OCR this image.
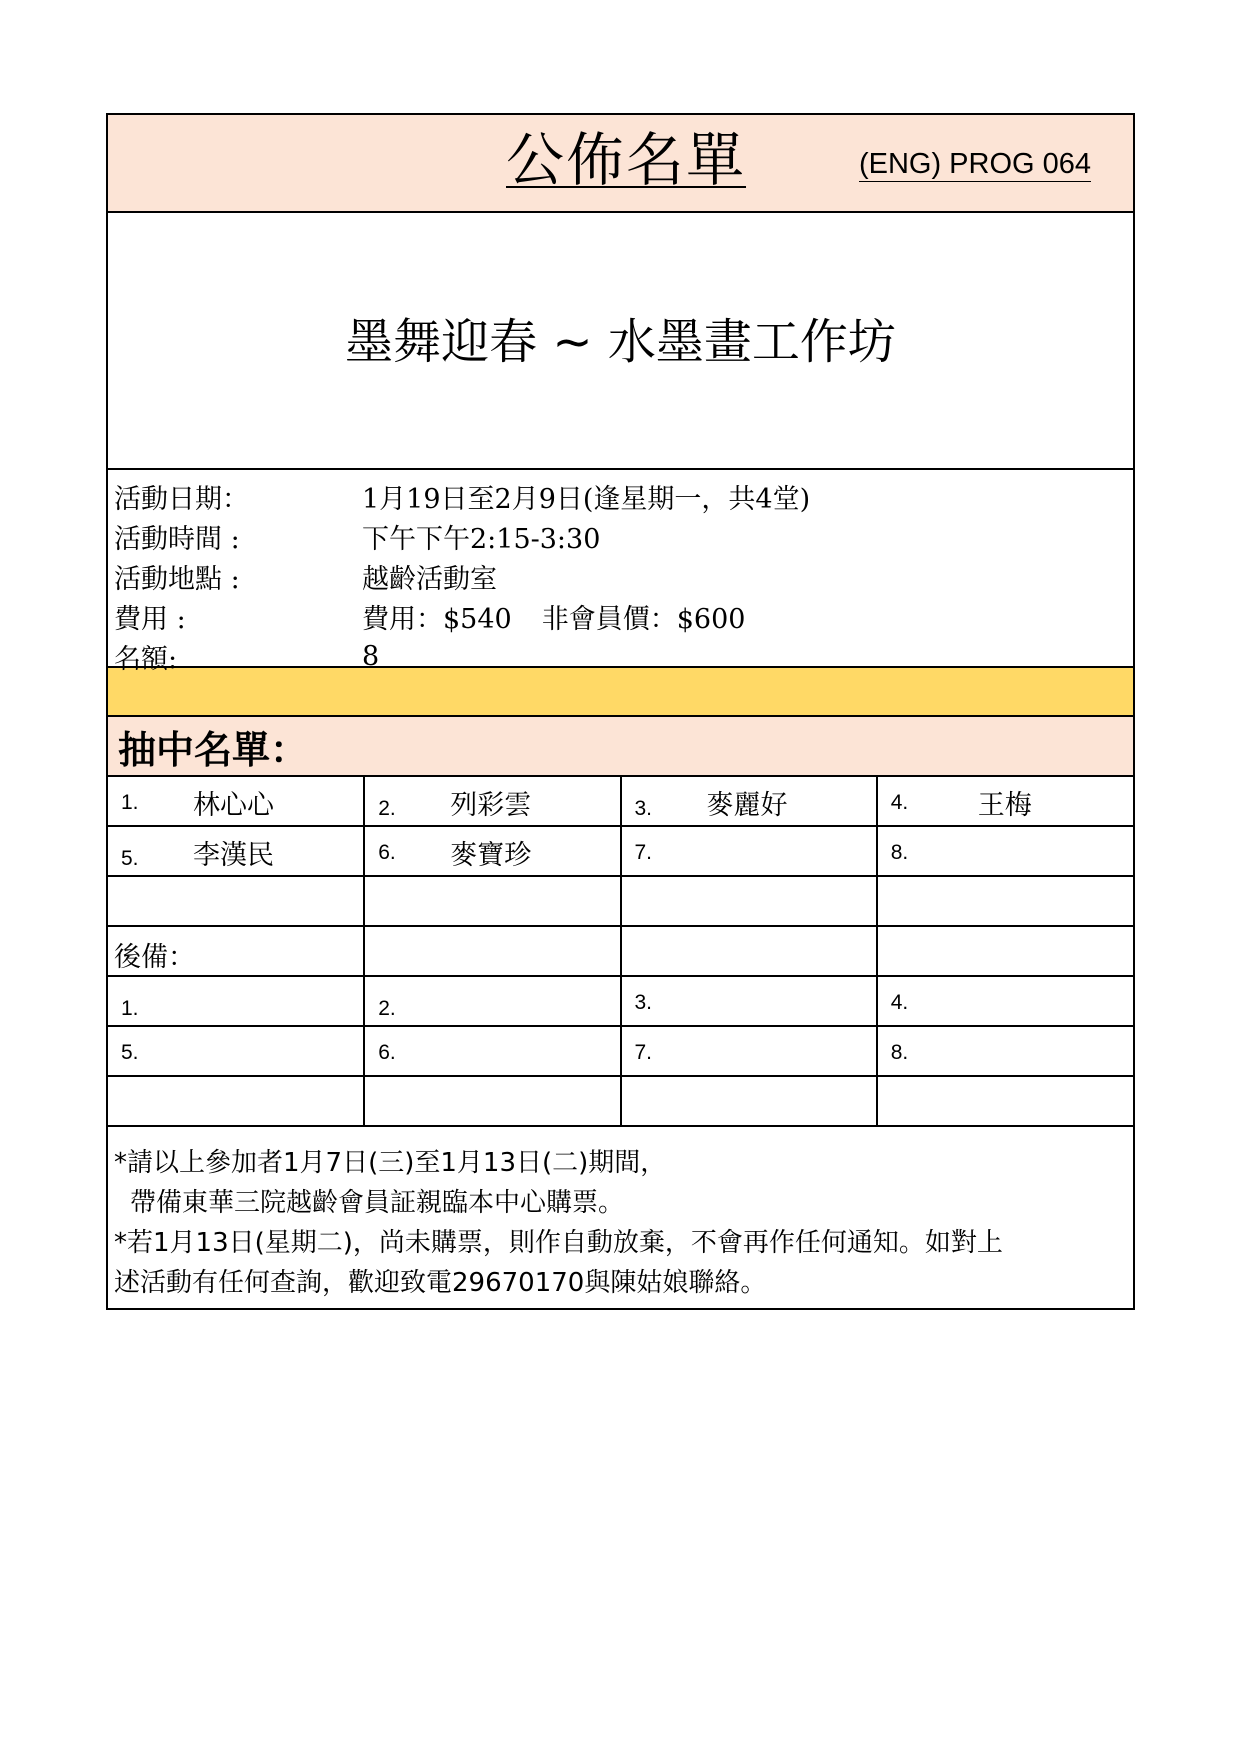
公佈名單	(ENG) PROG 064
墨舞迎春 ~ 水墨畫工作坊
活動日期：	1月19日至2月9日(逢星期一，共4堂)
活動時間 :	下午下午2:15-3:30
活動地點 :	越齡活動室
費用 :	費用：$540 非會員價：$600
名額:	8
抽中名單：
1. 林心心	2. 列彩雲	3. 麥麗好	4. 王梅

5. 李漢民	6. 麥寶珍	7.	8.

後備：			

1.	2.	3.	4.

5.	6.	7.	8.

*請以上參加者1月7日(三)至1月13日(二)期間，
帶備東華三院越齡會員証親臨本中心購票。
*若1月13日(星期二)，尚未購票，則作自動放棄，不會再作任何通知。如對上
述活動有任何查詢，歡迎致電29670170與陳姑娘聯絡。
